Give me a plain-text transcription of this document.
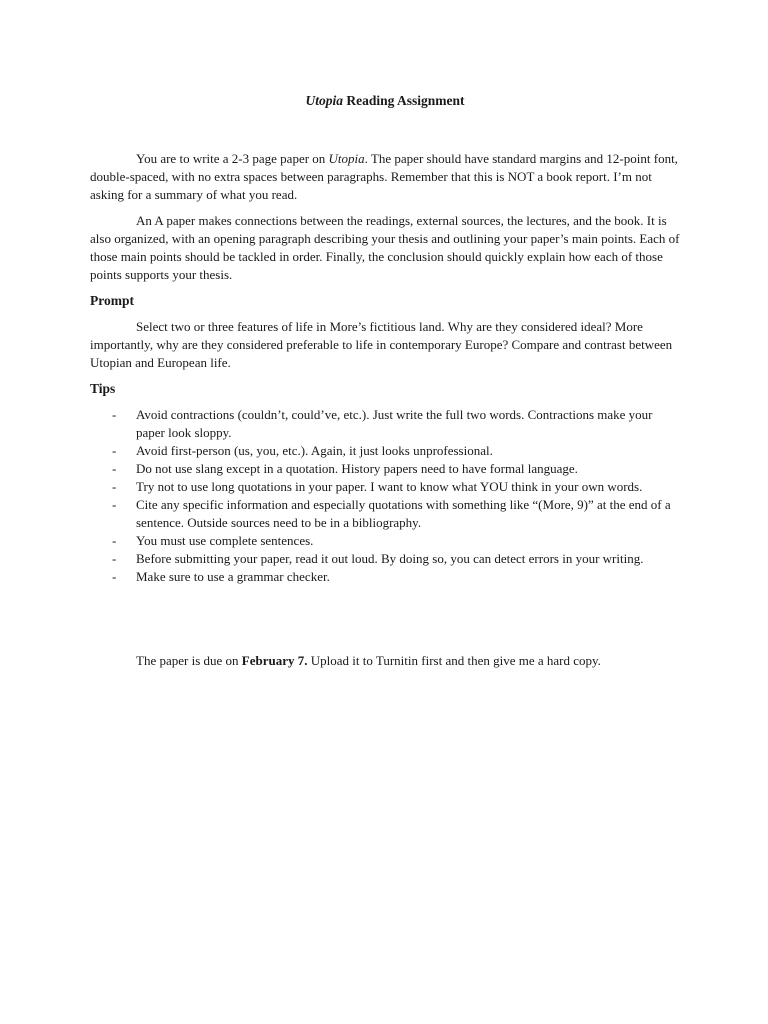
Utopia Reading Assignment

You are to write a 2-3 page paper on Utopia. The paper should have standard margins and 12-point font, double-spaced, with no extra spaces between paragraphs. Remember that this is NOT a book report. I’m not asking for a summary of what you read.

An A paper makes connections between the readings, external sources, the lectures, and the book. It is also organized, with an opening paragraph describing your thesis and outlining your paper’s main points. Each of those main points should be tackled in order. Finally, the conclusion should quickly explain how each of those points supports your thesis.

Prompt

Select two or three features of life in More’s fictitious land. Why are they considered ideal? More importantly, why are they considered preferable to life in contemporary Europe? Compare and contrast between Utopian and European life.

Tips
- Avoid contractions (couldn’t, could’ve, etc.). Just write the full two words. Contractions make your paper look sloppy.
- Avoid first-person (us, you, etc.). Again, it just looks unprofessional.
- Do not use slang except in a quotation. History papers need to have formal language.
- Try not to use long quotations in your paper. I want to know what YOU think in your own words.
- Cite any specific information and especially quotations with something like “(More, 9)” at the end of a sentence. Outside sources need to be in a bibliography.
- You must use complete sentences.
- Before submitting your paper, read it out loud. By doing so, you can detect errors in your writing.
- Make sure to use a grammar checker.
The paper is due on February 7. Upload it to Turnitin first and then give me a hard copy.
